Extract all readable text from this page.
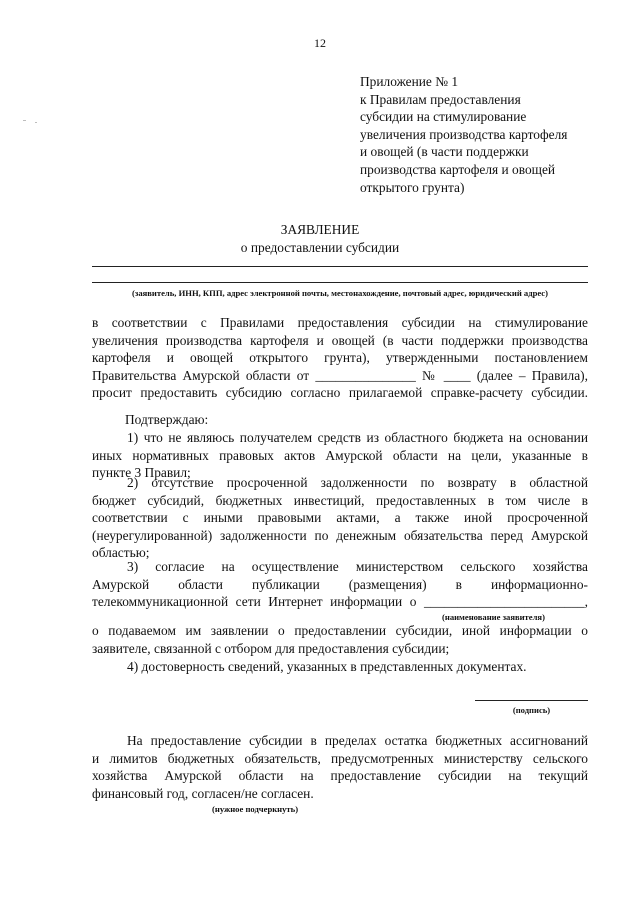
12
Приложение № 1
к Правилам предоставления
субсидии на стимулирование
увеличения производства картофеля
и овощей (в части поддержки
производства картофеля и овощей
открытого грунта)
ЗАЯВЛЕНИЕ
о предоставлении субсидии
(заявитель, ИНН, КПП, адрес электронной почты, местонахождение, почтовый адрес, юридический адрес)
в соответствии с Правилами предоставления субсидии на стимулирование
увеличения производства картофеля и овощей (в части поддержки производства
картофеля и овощей открытого грунта), утвержденными постановлением
Правительства Амурской области от _______________ № ____ (далее – Правила),
просит предоставить субсидию согласно прилагаемой справке-расчету субсидии.
Подтверждаю:
1) что не являюсь получателем средств из областного бюджета на основании
иных нормативных правовых актов Амурской области на цели, указанные в
пункте 3 Правил;
2) отсутствие просроченной задолженности по возврату в областной
бюджет субсидий, бюджетных инвестиций, предоставленных в том числе в
соответствии с иными правовыми актами, а также иной просроченной
(неурегулированной) задолженности по денежным обязательства перед Амурской
областью;
3) согласие на осуществление министерством сельского хозяйства
Амурской области публикации (размещения) в информационно-
телекоммуникационной сети Интернет информации о ________________________,
(наименование заявителя)
о подаваемом им заявлении о предоставлении субсидии, иной информации о
заявителе, связанной с отбором для предоставления субсидии;
4) достоверность сведений, указанных в представленных документах.
(подпись)
На предоставление субсидии в пределах остатка бюджетных ассигнований
и лимитов бюджетных обязательств, предусмотренных министерству сельского
хозяйства Амурской области на предоставление субсидии на текущий
финансовый год, согласен/не согласен.
(нужное подчеркнуть)
